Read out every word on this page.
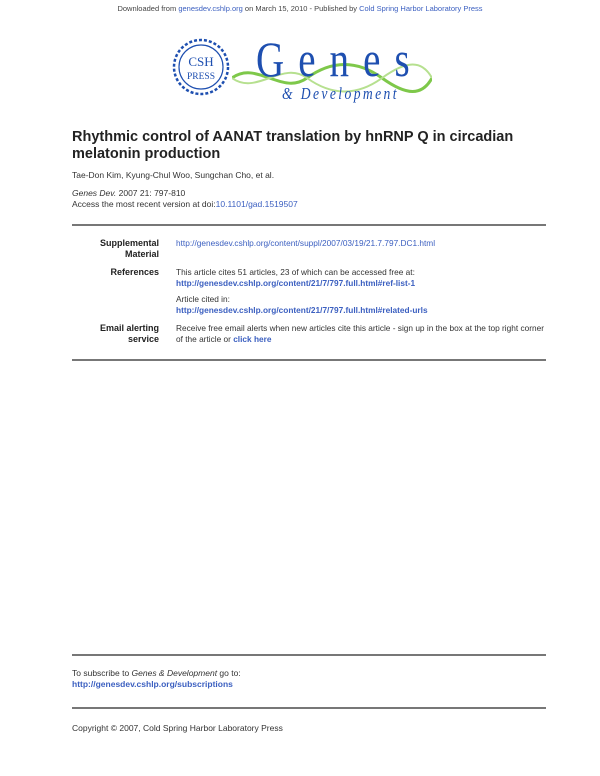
Downloaded from genesdev.cshlp.org on March 15, 2010 - Published by Cold Spring Harbor Laboratory Press
CSH
PRESS Genes
& Development
Rhythmic control of AANAT translation by hnRNP Q in circadian melatonin production
Tae-Don Kim, Kyung-Chul Woo, Sungchan Cho, et al.
Genes Dev. 2007 21: 797-810
Access the most recent version at doi:10.1101/gad.1519507
Supplemental
Material
http://genesdev.cshlp.org/content/suppl/2007/03/19/21.7.797.DC1.html
References This article cites 51 articles, 23 of which can be accessed free at:
http://genesdev.cshlp.org/content/21/7/797.full.html#ref-list-1

Article cited in:
http://genesdev.cshlp.org/content/21/7/797.full.html#related-urls

Email alerting
service
Receive free email alerts when new articles cite this article - sign up in the box at the top right corner of the article or click here
To subscribe to Genes & Development go to:
http://genesdev.cshlp.org/subscriptions
Copyright © 2007, Cold Spring Harbor Laboratory Press
